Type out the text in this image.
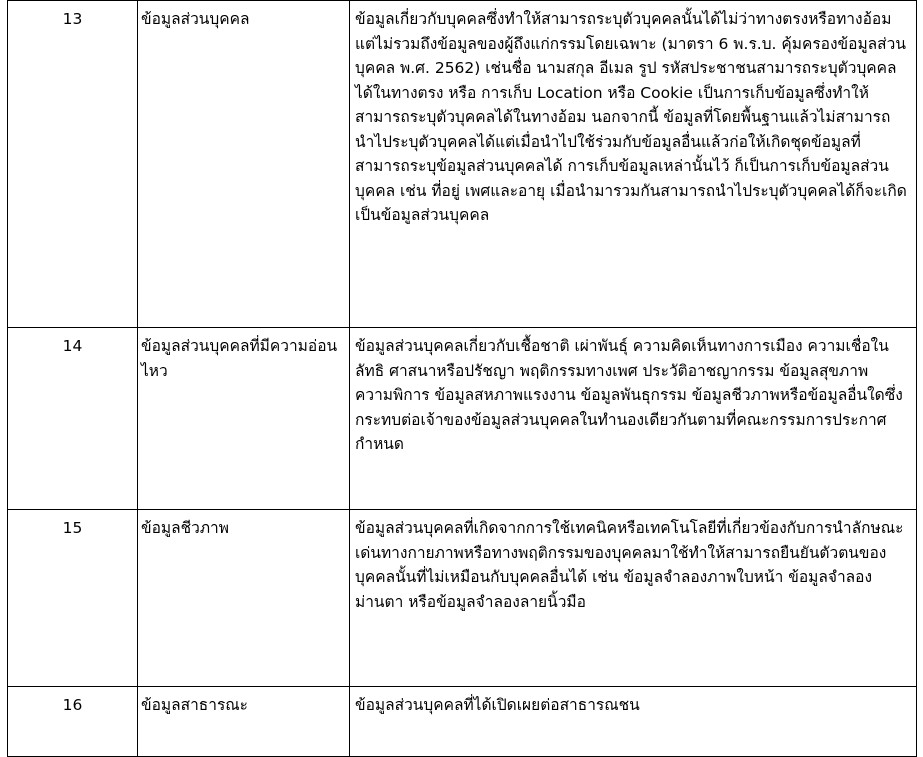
13	ข้อมูลส่วนบุคคล	ข้อมูลเกี่ยวกับบุคคลซึ่งทำให้สามารถระบุตัวบุคคลนั้นได้ไม่ว่าทางตรงหรือทางอ้อม แต่ไม่รวมถึงข้อมูลของผู้ถึงแก่กรรมโดยเฉพาะ (มาตรา 6 พ.ร.บ. คุ้มครองข้อมูลส่วนบุคคล พ.ศ. 2562) เช่นชื่อ นามสกุล อีเมล รูป รหัสประชาชนสามารถระบุตัวบุคคลได้ในทางตรง หรือ การเก็บ Location หรือ Cookie เป็นการเก็บข้อมูลซึ่งทำให้สามารถระบุตัวบุคคลได้ในทางอ้อม นอกจากนี้ ข้อมูลที่โดยพื้นฐานแล้วไม่สามารถนำไประบุตัวบุคคลได้แต่เมื่อนำไปใช้ร่วมกับข้อมูลอื่นแล้วก่อให้เกิดชุดข้อมูลที่สามารถระบุข้อมูลส่วนบุคคลได้ การเก็บข้อมูลเหล่านั้นไว้ ก็เป็นการเก็บข้อมูลส่วนบุคคล เช่น ที่อยู่ เพศและอายุ เมื่อนำมารวมกันสามารถนำไประบุตัวบุคคลได้ก็จะเกิดเป็นข้อมูลส่วนบุคคล
14	ข้อมูลส่วนบุคคลที่มีความอ่อนไหว	ข้อมูลส่วนบุคคลเกี่ยวกับเชื้อชาติ เผ่าพันธุ์ ความคิดเห็นทางการเมือง ความเชื่อในลัทธิ ศาสนาหรือปรัชญา พฤติกรรมทางเพศ ประวัติอาชญากรรม ข้อมูลสุขภาพ ความพิการ ข้อมูลสหภาพแรงงาน ข้อมูลพันธุกรรม ข้อมูลชีวภาพหรือข้อมูลอื่นใดซึ่งกระทบต่อเจ้าของข้อมูลส่วนบุคคลในทำนองเดียวกันตามที่คณะกรรมการประกาศกำหนด
15	ข้อมูลชีวภาพ	ข้อมูลส่วนบุคคลที่เกิดจากการใช้เทคนิคหรือเทคโนโลยีที่เกี่ยวข้องกับการนำลักษณะเด่นทางกายภาพหรือทางพฤติกรรมของบุคคลมาใช้ทำให้สามารถยืนยันตัวตนของบุคคลนั้นที่ไม่เหมือนกับบุคคลอื่นได้ เช่น ข้อมูลจำลองภาพใบหน้า ข้อมูลจำลองม่านตา หรือข้อมูลจำลองลายนิ้วมือ
16	ข้อมูลสาธารณะ	ข้อมูลส่วนบุคคลที่ได้เปิดเผยต่อสาธารณชน
